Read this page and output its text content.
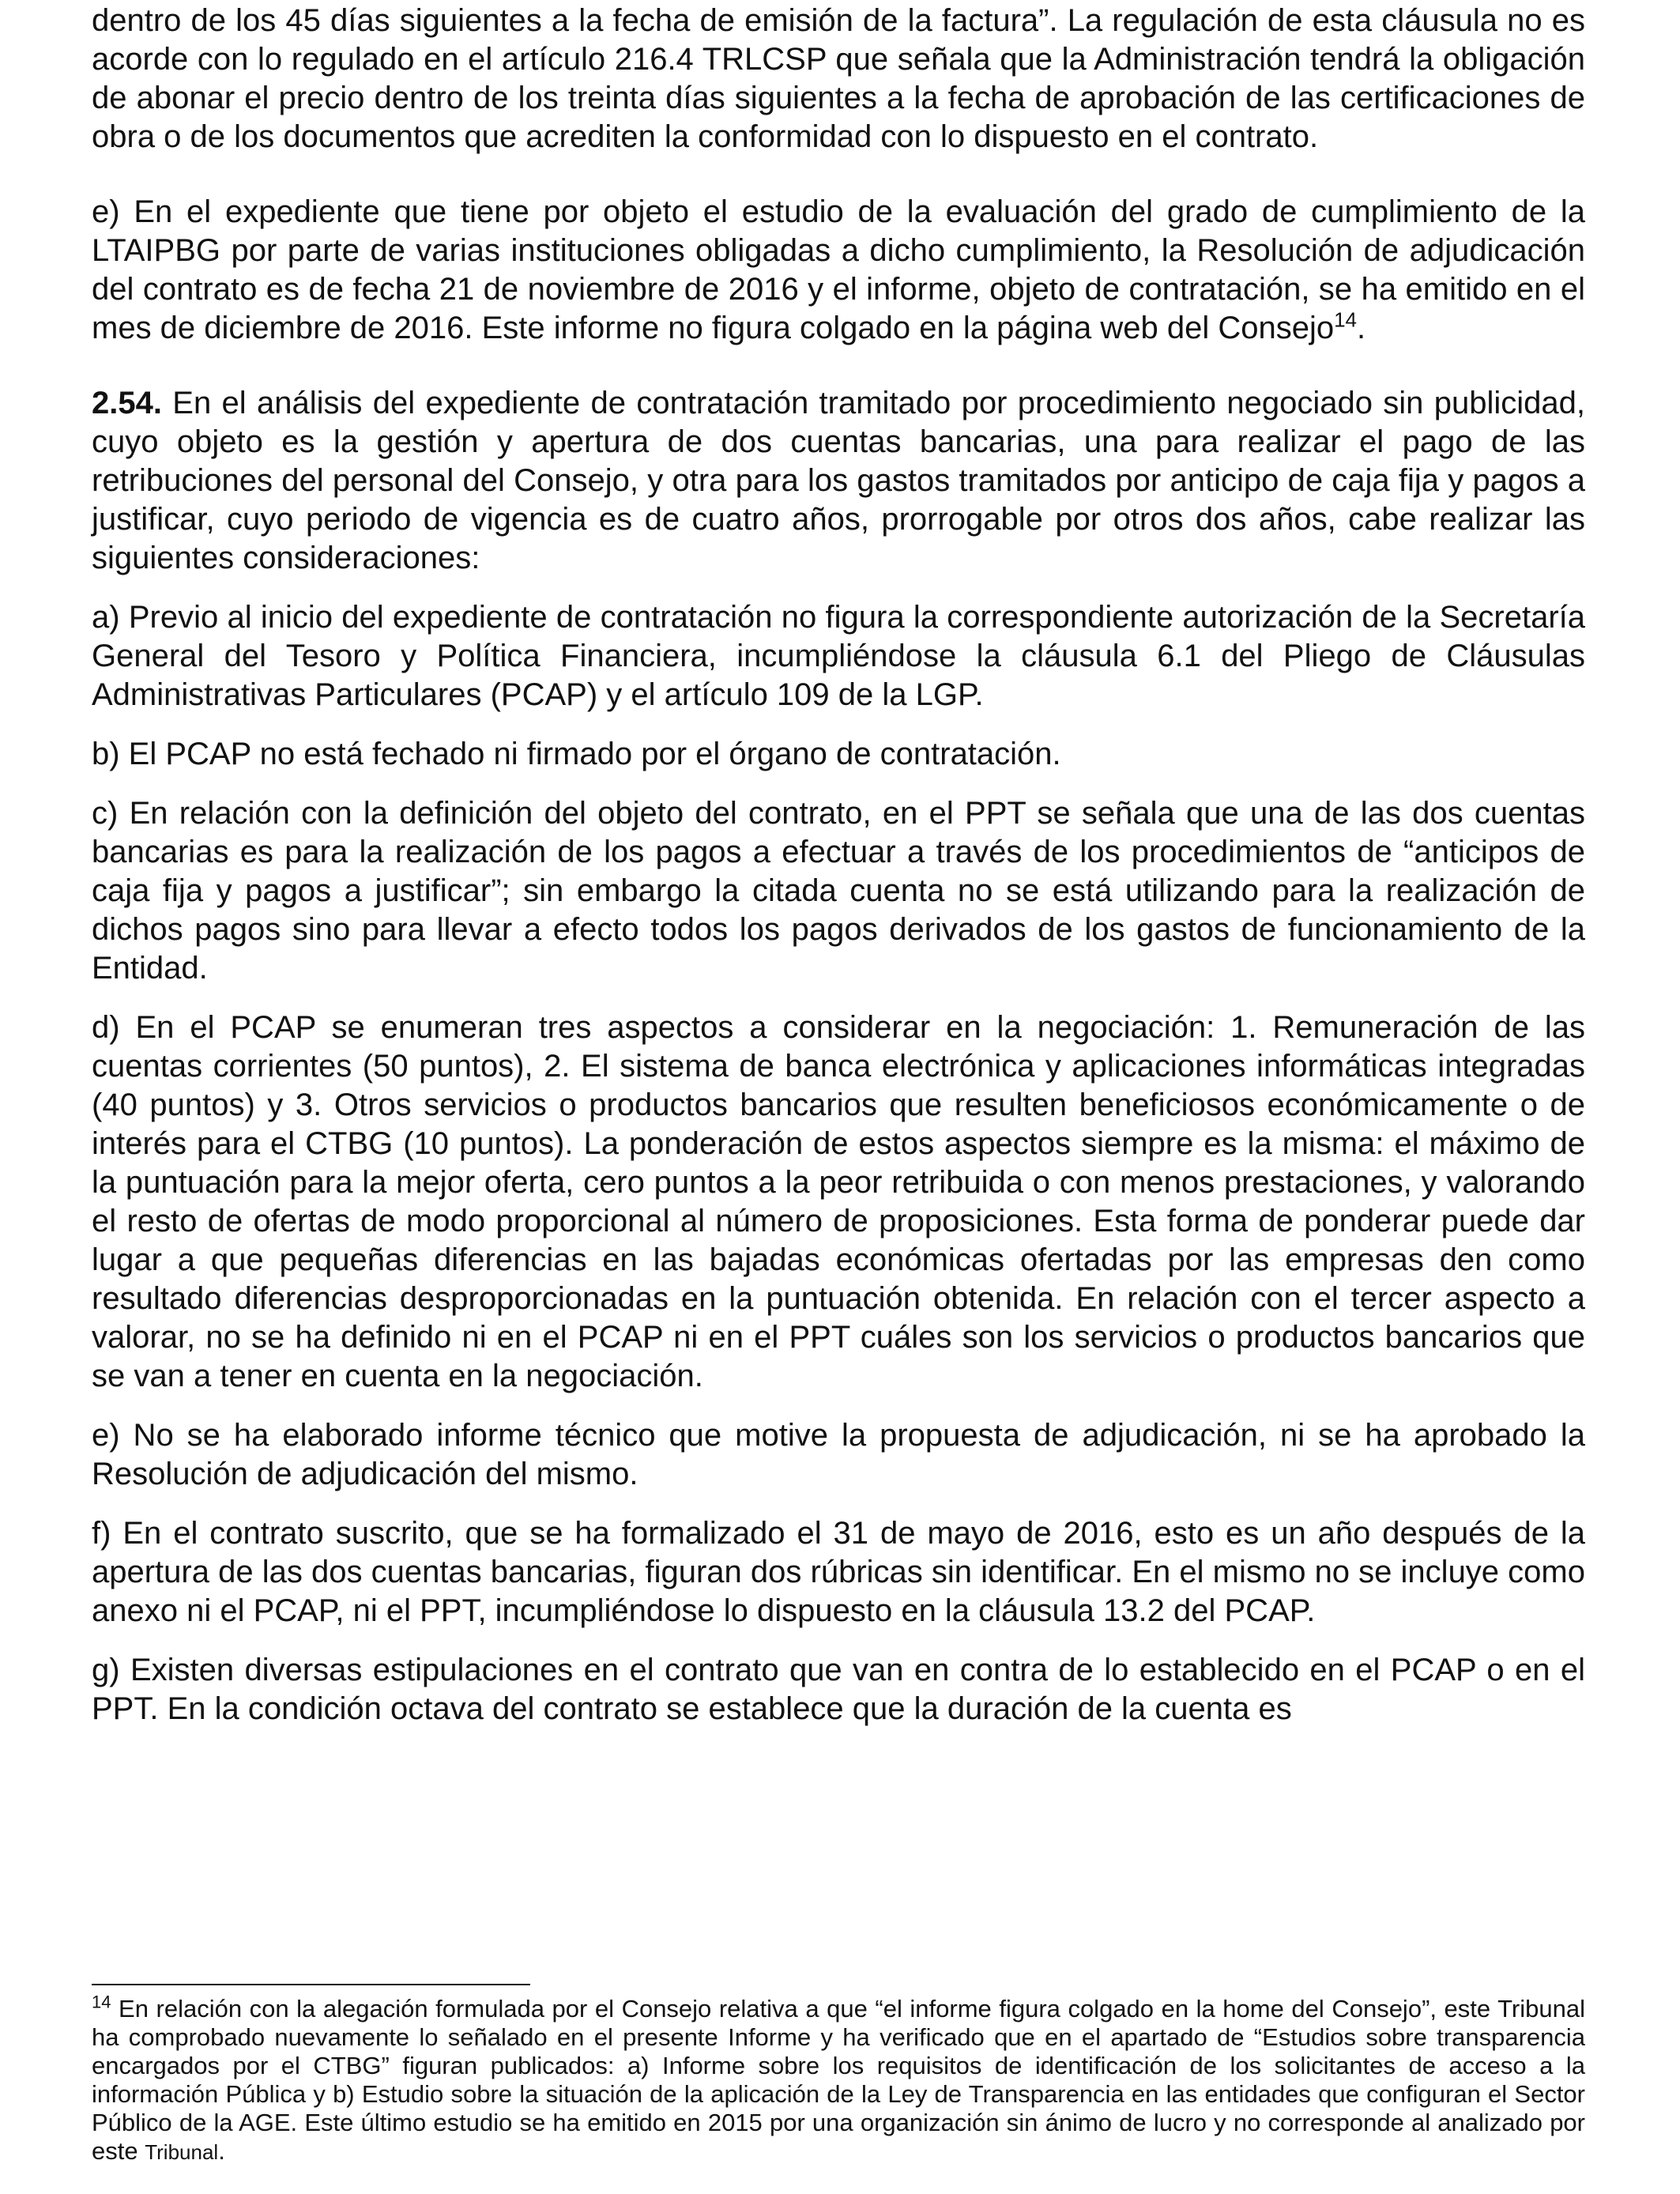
dentro de los 45 días siguientes a la fecha de emisión de la factura”. La regulación de esta cláusula no es acorde con lo regulado en el artículo 216.4 TRLCSP que señala que la Administración tendrá la obligación de abonar el precio dentro de los treinta días siguientes a la fecha de aprobación de las certificaciones de obra o de los documentos que acrediten la conformidad con lo dispuesto en el contrato.

e) En el expediente que tiene por objeto el estudio de la evaluación del grado de cumplimiento de la LTAIPBG por parte de varias instituciones obligadas a dicho cumplimiento, la Resolución de adjudicación del contrato es de fecha 21 de noviembre de 2016 y el informe, objeto de contratación, se ha emitido en el mes de diciembre de 2016. Este informe no figura colgado en la página web del Consejo$^{14}$.

2.54. En el análisis del expediente de contratación tramitado por procedimiento negociado sin publicidad, cuyo objeto es la gestión y apertura de dos cuentas bancarias, una para realizar el pago de las retribuciones del personal del Consejo, y otra para los gastos tramitados por anticipo de caja fija y pagos a justificar, cuyo periodo de vigencia es de cuatro años, prorrogable por otros dos años, cabe realizar las siguientes consideraciones:

a) Previo al inicio del expediente de contratación no figura la correspondiente autorización de la Secretaría General del Tesoro y Política Financiera, incumpliéndose la cláusula 6.1 del Pliego de Cláusulas Administrativas Particulares (PCAP) y el artículo 109 de la LGP.

b) El PCAP no está fechado ni firmado por el órgano de contratación.

c) En relación con la definición del objeto del contrato, en el PPT se señala que una de las dos cuentas bancarias es para la realización de los pagos a efectuar a través de los procedimientos de “anticipos de caja fija y pagos a justificar”; sin embargo la citada cuenta no se está utilizando para la realización de dichos pagos sino para llevar a efecto todos los pagos derivados de los gastos de funcionamiento de la Entidad.

d) En el PCAP se enumeran tres aspectos a considerar en la negociación: 1. Remuneración de las cuentas corrientes (50 puntos), 2. El sistema de banca electrónica y aplicaciones informáticas integradas (40 puntos) y 3. Otros servicios o productos bancarios que resulten beneficiosos económicamente o de interés para el CTBG (10 puntos). La ponderación de estos aspectos siempre es la misma: el máximo de la puntuación para la mejor oferta, cero puntos a la peor retribuida o con menos prestaciones, y valorando el resto de ofertas de modo proporcional al número de proposiciones. Esta forma de ponderar puede dar lugar a que pequeñas diferencias en las bajadas económicas ofertadas por las empresas den como resultado diferencias desproporcionadas en la puntuación obtenida. En relación con el tercer aspecto a valorar, no se ha definido ni en el PCAP ni en el PPT cuáles son los servicios o productos bancarios que se van a tener en cuenta en la negociación.

e) No se ha elaborado informe técnico que motive la propuesta de adjudicación, ni se ha aprobado la Resolución de adjudicación del mismo.

f) En el contrato suscrito, que se ha formalizado el 31 de mayo de 2016, esto es un año después de la apertura de las dos cuentas bancarias, figuran dos rúbricas sin identificar. En el mismo no se incluye como anexo ni el PCAP, ni el PPT, incumpliéndose lo dispuesto en la cláusula 13.2 del PCAP.

g) Existen diversas estipulaciones en el contrato que van en contra de lo establecido en el PCAP o en el PPT. En la condición octava del contrato se establece que la duración de la cuenta es

$^{14}$ En relación con la alegación formulada por el Consejo relativa a que “el informe figura colgado en la home del Consejo”, este Tribunal ha comprobado nuevamente lo señalado en el presente Informe y ha verificado que en el apartado de “Estudios sobre transparencia encargados por el CTBG” figuran publicados: a) Informe sobre los requisitos de identificación de los solicitantes de acceso a la información Pública y b) Estudio sobre la situación de la aplicación de la Ley de Transparencia en las entidades que configuran el Sector Público de la AGE. Este último estudio se ha emitido en 2015 por una organización sin ánimo de lucro y no corresponde al analizado por este Tribunal.
